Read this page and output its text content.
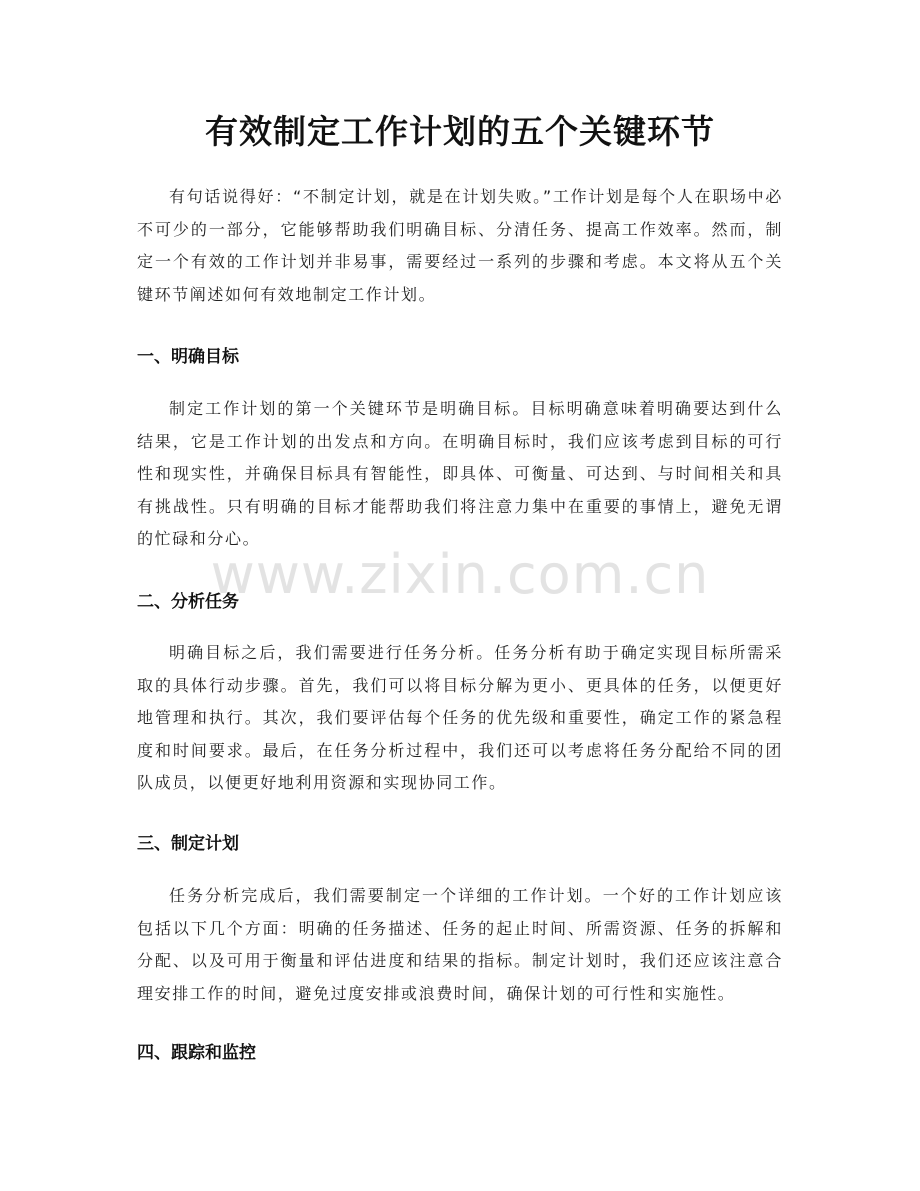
有效制定工作计划的五个关键环节

有句话说得好：“不制定计划，就是在计划失败。”工作计划是每个人在职场中必不可少的一部分，它能够帮助我们明确目标、分清任务、提高工作效率。然而，制定一个有效的工作计划并非易事，需要经过一系列的步骤和考虑。本文将从五个关键环节阐述如何有效地制定工作计划。

一、明确目标

制定工作计划的第一个关键环节是明确目标。目标明确意味着明确要达到什么结果，它是工作计划的出发点和方向。在明确目标时，我们应该考虑到目标的可行性和现实性，并确保目标具有智能性，即具体、可衡量、可达到、与时间相关和具有挑战性。只有明确的目标才能帮助我们将注意力集中在重要的事情上，避免无谓的忙碌和分心。

二、分析任务

明确目标之后，我们需要进行任务分析。任务分析有助于确定实现目标所需采取的具体行动步骤。首先，我们可以将目标分解为更小、更具体的任务，以便更好地管理和执行。其次，我们要评估每个任务的优先级和重要性，确定工作的紧急程度和时间要求。最后，在任务分析过程中，我们还可以考虑将任务分配给不同的团队成员，以便更好地利用资源和实现协同工作。

三、制定计划

任务分析完成后，我们需要制定一个详细的工作计划。一个好的工作计划应该包括以下几个方面：明确的任务描述、任务的起止时间、所需资源、任务的拆解和分配、以及可用于衡量和评估进度和结果的指标。制定计划时，我们还应该注意合理安排工作的时间，避免过度安排或浪费时间，确保计划的可行性和实施性。

四、跟踪和监控
www.zixin.com.cn
